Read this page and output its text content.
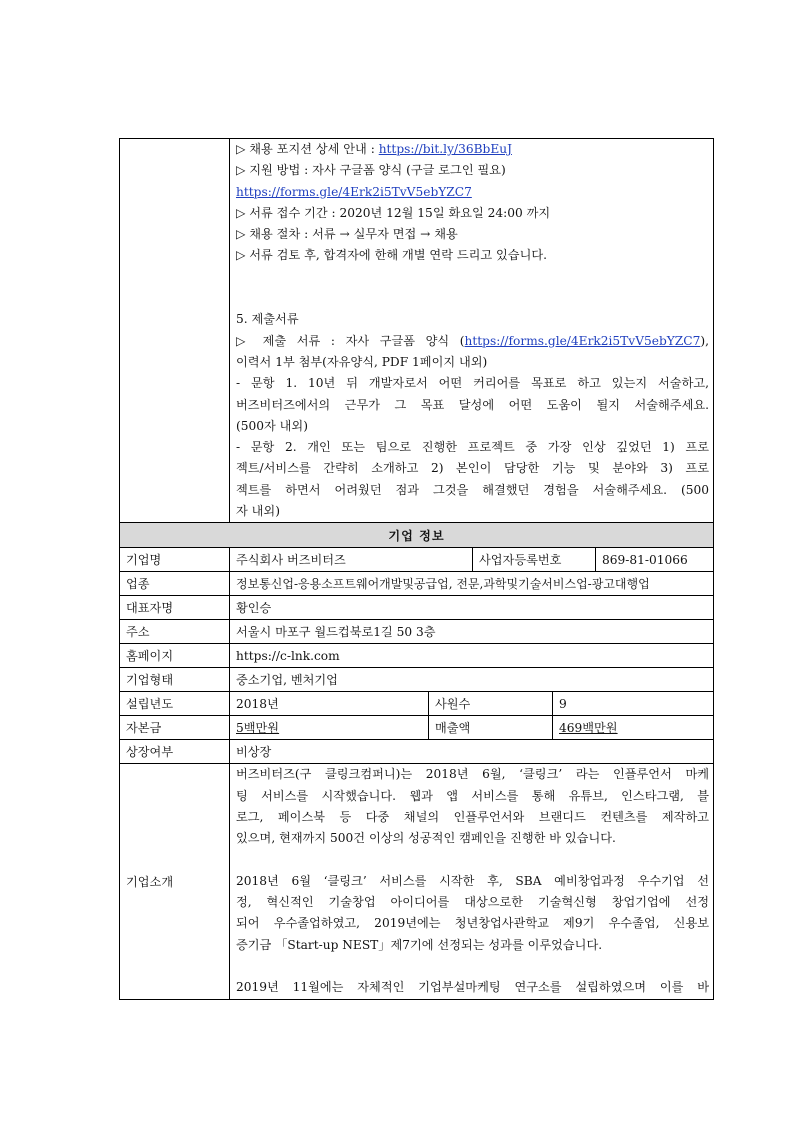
▷ 채용 포지션 상세 안내 : https://bit.ly/36BbEuJ
▷ 지원 방법 : 자사 구글폼 양식 (구글 로그인 필요)
https://forms.gle/4Erk2i5TvV5ebYZC7
▷ 서류 접수 기간 : 2020년 12월 15일 화요일 24:00 까지
▷ 채용 절차 : 서류 → 실무자 면접 → 채용
▷ 서류 검토 후, 합격자에 한해 개별 연락 드리고 있습니다.
5. 제출서류
▷ 제출 서류 : 자사 구글폼 양식 (https://forms.gle/4Erk2i5TvV5ebYZC7),
이력서 1부 첨부(자유양식, PDF 1페이지 내외)
- 문항 1. 10년 뒤 개발자로서 어떤 커리어를 목표로 하고 있는지 서술하고,
버즈비터즈에서의 근무가 그 목표 달성에 어떤 도움이 될지 서술해주세요.
(500자 내외)
- 문항 2. 개인 또는 팀으로 진행한 프로젝트 중 가장 인상 깊었던 1) 프로
젝트/서비스를 간략히 소개하고 2) 본인이 담당한 기능 및 분야와 3) 프로
젝트를 하면서 어려웠던 점과 그것을 해결했던 경험을 서술해주세요. (500
자 내외)
기업 정보
기업명	주식회사 버즈비터즈	사업자등록번호	869-81-01066
업종	정보통신업-응용소프트웨어개발및공급업, 전문,과학및기술서비스업-광고대행업
대표자명	황인승
주소	서울시 마포구 월드컵북로1길 50 3층
홈페이지	https://c-lnk.com
기업형태	중소기업, 벤처기업
설립년도	2018년	사원수	9
자본금	5백만원	매출액	469백만원
상장여부	비상장
기업소개
버즈비터즈(구 클링크컴퍼니)는 2018년 6월, ‘클링크’ 라는 인플루언서 마케
팅 서비스를 시작했습니다. 웹과 앱 서비스를 통해 유튜브, 인스타그램, 블
로그, 페이스북 등 다중 채널의 인플루언서와 브랜디드 컨텐츠를 제작하고
있으며, 현재까지 500건 이상의 성공적인 캠페인을 진행한 바 있습니다.
2018년 6월 ‘클링크’ 서비스를 시작한 후, SBA 예비창업과정 우수기업 선
정, 혁신적인 기술창업 아이디어를 대상으로한 기술혁신형 창업기업에 선정
되어 우수졸업하였고, 2019년에는 청년창업사관학교 제9기 우수졸업, 신용보
증기금 「Start-up NEST」제7기에 선정되는 성과를 이루었습니다.
2019년 11월에는 자체적인 기업부설마케팅 연구소를 설립하였으며 이를 바
